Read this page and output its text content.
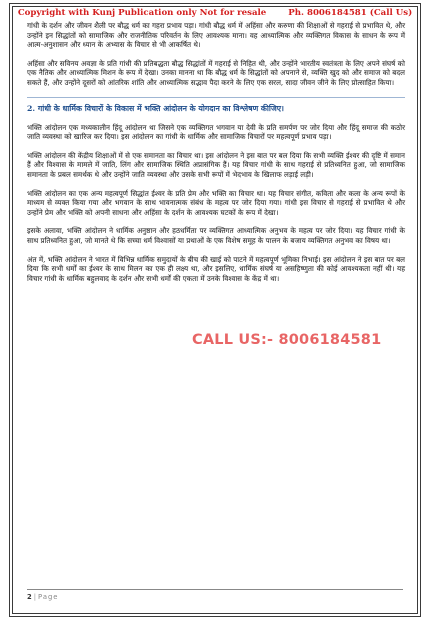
Copyright with Kunj Publication only Not for resale	Ph. 8006184581 (Call Us)

गांधी के दर्शन और जीवन शैली पर बौद्ध धर्म का गहरा प्रभाव पड़ा। गांधी बौद्ध धर्म में अहिंसा और करुणा की शिक्षाओं से गहराई से प्रभावित थे, और उन्होंने इन सिद्धांतों को सामाजिक और राजनीतिक परिवर्तन के लिए आवश्यक माना। वह आध्यात्मिक और व्यक्तिगत विकास के साधन के रूप में आत्म-अनुशासन और ध्यान के अभ्यास के विचार से भी आकर्षित थे।

अहिंसा और सविनय अवज्ञा के प्रति गांधी की प्रतिबद्धता बौद्ध सिद्धांतों में गहराई से निहित थी, और उन्होंने भारतीय स्वतंत्रता के लिए अपने संघर्ष को एक नैतिक और आध्यात्मिक मिशन के रूप में देखा। उनका मानना था कि बौद्ध धर्म के सिद्धांतों को अपनाने से, व्यक्ति खुद को और समाज को बदल सकते हैं, और उन्होंने दूसरों को आंतरिक शांति और आध्यात्मिक सद्भाव पैदा करने के लिए एक सरल, सादा जीवन जीने के लिए प्रोत्साहित किया।

2. गांधी के धार्मिक विचारों के विकास में भक्ति आंदोलन के योगदान का विश्लेषण कीजिए।

भक्ति आंदोलन एक मध्यकालीन हिंदू आंदोलन था जिसने एक व्यक्तिगत भगवान या देवी के प्रति समर्पण पर जोर दिया और हिंदू समाज की कठोर जाति व्यवस्था को खारिज कर दिया। इस आंदोलन का गांधी के धार्मिक और सामाजिक विचारों पर महत्वपूर्ण प्रभाव पड़ा।

भक्ति आंदोलन की केंद्रीय शिक्षाओं में से एक समानता का विचार था। इस आंदोलन ने इस बात पर बल दिया कि सभी व्यक्ति ईश्वर की दृष्टि में समान हैं और विश्वास के मामले में जाति, लिंग और सामाजिक स्थिति अप्रासंगिक हैं। यह विचार गांधी के साथ गहराई से प्रतिध्वनित हुआ, जो सामाजिक समानता के प्रबल समर्थक थे और उन्होंने जाति व्यवस्था और उसके सभी रूपों में भेदभाव के खिलाफ लड़ाई लड़ी।

भक्ति आंदोलन का एक अन्य महत्वपूर्ण सिद्धांत ईश्वर के प्रति प्रेम और भक्ति का विचार था। यह विचार संगीत, कविता और कला के अन्य रूपों के माध्यम से व्यक्त किया गया और भगवान के साथ भावनात्मक संबंध के महत्व पर जोर दिया गया। गांधी इस विचार से गहराई से प्रभावित थे और उन्होंने प्रेम और भक्ति को अपनी साधना और अहिंसा के दर्शन के आवश्यक घटकों के रूप में देखा।

इसके अलावा, भक्ति आंदोलन ने धार्मिक अनुष्ठान और हठधर्मिता पर व्यक्तिगत आध्यात्मिक अनुभव के महत्व पर जोर दिया। यह विचार गांधी के साथ प्रतिध्वनित हुआ, जो मानते थे कि सच्चा धर्म विश्वासों या प्रथाओं के एक विशेष समूह के पालन के बजाय व्यक्तिगत अनुभव का विषय था।

अंत में, भक्ति आंदोलन ने भारत में विभिन्न धार्मिक समुदायों के बीच की खाई को पाटने में महत्वपूर्ण भूमिका निभाई। इस आंदोलन ने इस बात पर बल दिया कि सभी धर्मों का ईश्वर के साथ मिलन का एक ही लक्ष्य था, और इसलिए, धार्मिक संघर्ष या असहिष्णुता की कोई आवश्यकता नहीं थी। यह विचार गांधी के धार्मिक बहुलवाद के दर्शन और सभी धर्मों की एकता में उनके विश्वास के केंद्र में था।

2 | Page
CALL US:- 8006184581
